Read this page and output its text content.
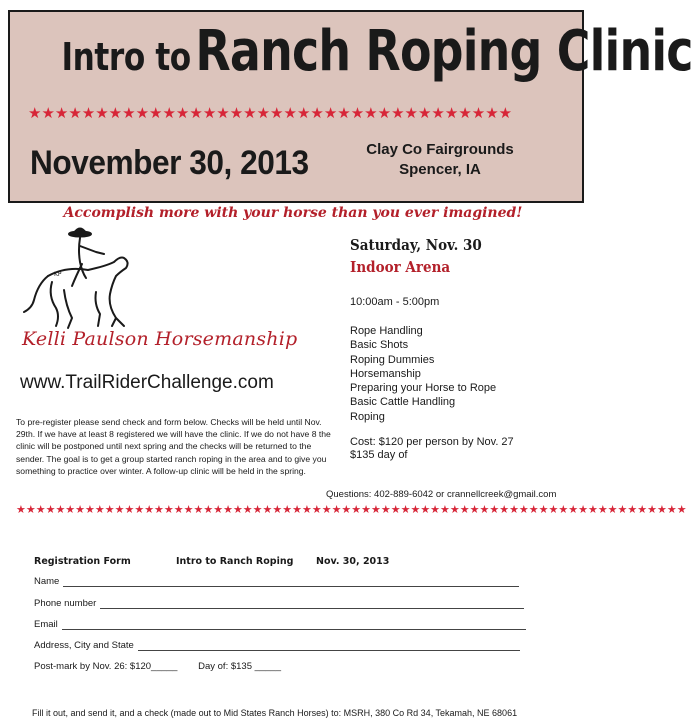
Intro to Ranch Roping Clinic
★★★★★★★★★★★★★★★★★★★★★★★★★★★★★★★★★★★★
November 30, 2013	Clay Co Fairgrounds
Spencer, IA
Accomplish more with your horse than you ever imagined!
KP
Kelli Paulson Horsemanship
www.TrailRiderChallenge.com
Saturday, Nov. 30
Indoor Arena
10:00am - 5:00pm
Rope Handling
Basic Shots
Roping Dummies
Horsemanship
Preparing your Horse to Rope
Basic Cattle Handling
Roping
Cost: $120 per person by Nov. 27
$135 day of
To pre-register please send check and form below. Checks will be held until Nov. 29th. If we have at least 8 registered we will have the clinic. If we do not have 8 the clinic will be postponed until next spring and the checks will be returned to the sender. The goal is to get a group started ranch roping in the area and to give you something to practice over winter. A follow-up clinic will be held in the spring.
Questions: 402-889-6042 or crannellcreek@gmail.com
★★★★★★★★★★★★★★★★★★★★★★★★★★★★★★★★★★★★★★★★★★★★★★★★★★★★★★★★★★★★★★★★★★★★
Registration Form	Intro to Ranch Roping Nov. 30, 2013
Name
Phone number
Email
Address, City and State
Post-mark by Nov. 26: $120_____ Day of: $135 _____
Fill it out, and send it, and a check (made out to Mid States Ranch Horses) to: MSRH, 380 Co Rd 34, Tekamah, NE 68061
